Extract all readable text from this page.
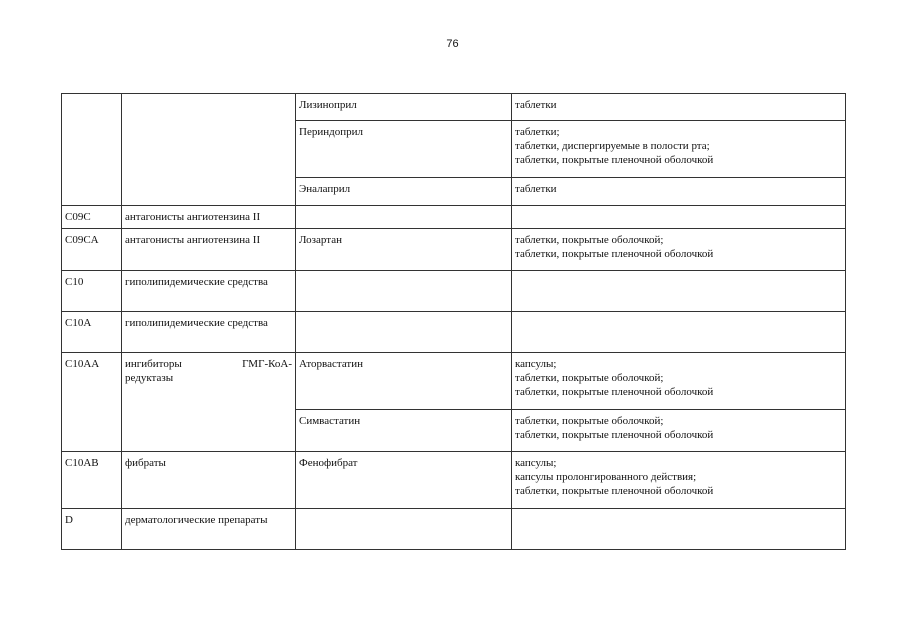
76
		Лизиноприл	таблетки

		Периндоприл	таблетки;
таблетки, диспергируемые в полости рта;
таблетки, покрытые пленочной оболочкой

		Эналаприл	таблетки

C09C	антагонисты ангиотензина II		
C09CA	антагонисты ангиотензина II	Лозартан	таблетки, покрытые оболочкой;
таблетки, покрытые пленочной оболочкой

C10	гиполипидемические средства		
C10A	гиполипидемические средства		
C10AA	ингибиторы ГМГ-КоА-
редуктазы	Аторвастатин	капсулы;
таблетки, покрытые оболочкой;
таблетки, покрытые пленочной оболочкой

		Симвастатин	таблетки, покрытые оболочкой;
таблетки, покрытые пленочной оболочкой

C10AB	фибраты	Фенофибрат	капсулы;
капсулы пролонгированного действия;
таблетки, покрытые пленочной оболочкой

D	дерматологические препараты		
